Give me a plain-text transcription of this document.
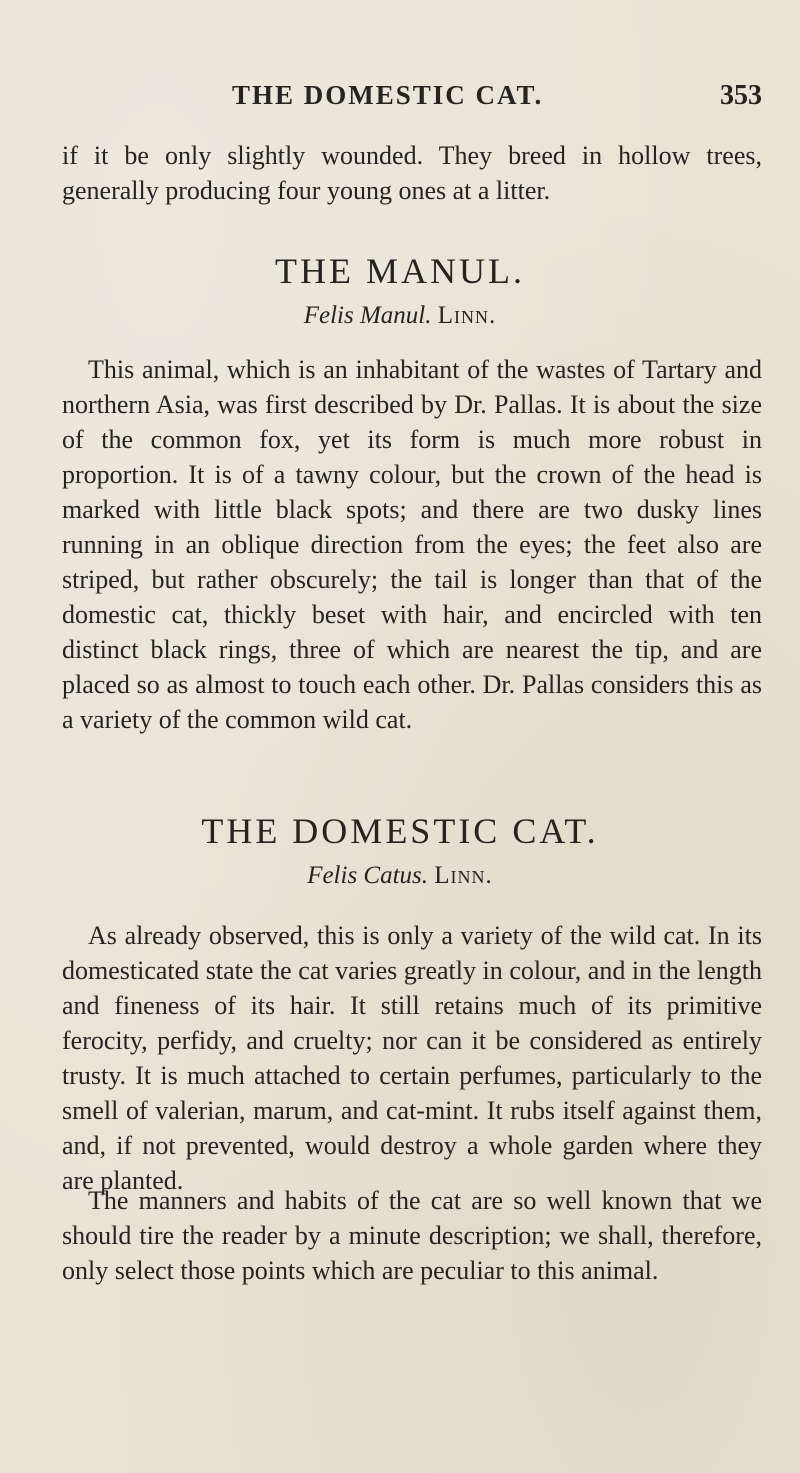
THE DOMESTIC CAT.	353

if it be only slightly wounded. They breed in hollow trees, generally producing four young ones at a litter.

THE MANUL.

Felis Manul. Linn.

This animal, which is an inhabitant of the wastes of Tartary and northern Asia, was first described by Dr. Pallas. It is about the size of the common fox, yet its form is much more robust in proportion. It is of a tawny colour, but the crown of the head is marked with little black spots; and there are two dusky lines running in an oblique direction from the eyes; the feet also are striped, but rather obscurely; the tail is longer than that of the domestic cat, thickly beset with hair, and encircled with ten distinct black rings, three of which are nearest the tip, and are placed so as almost to touch each other. Dr. Pallas considers this as a variety of the common wild cat.

THE DOMESTIC CAT.

Felis Catus. Linn.

As already observed, this is only a variety of the wild cat. In its domesticated state the cat varies greatly in colour, and in the length and fineness of its hair. It still retains much of its primitive ferocity, perfidy, and cruelty; nor can it be considered as entirely trusty. It is much attached to certain perfumes, particularly to the smell of valerian, marum, and cat-mint. It rubs itself against them, and, if not prevented, would destroy a whole garden where they are planted.

The manners and habits of the cat are so well known that we should tire the reader by a minute description; we shall, therefore, only select those points which are peculiar to this animal.
